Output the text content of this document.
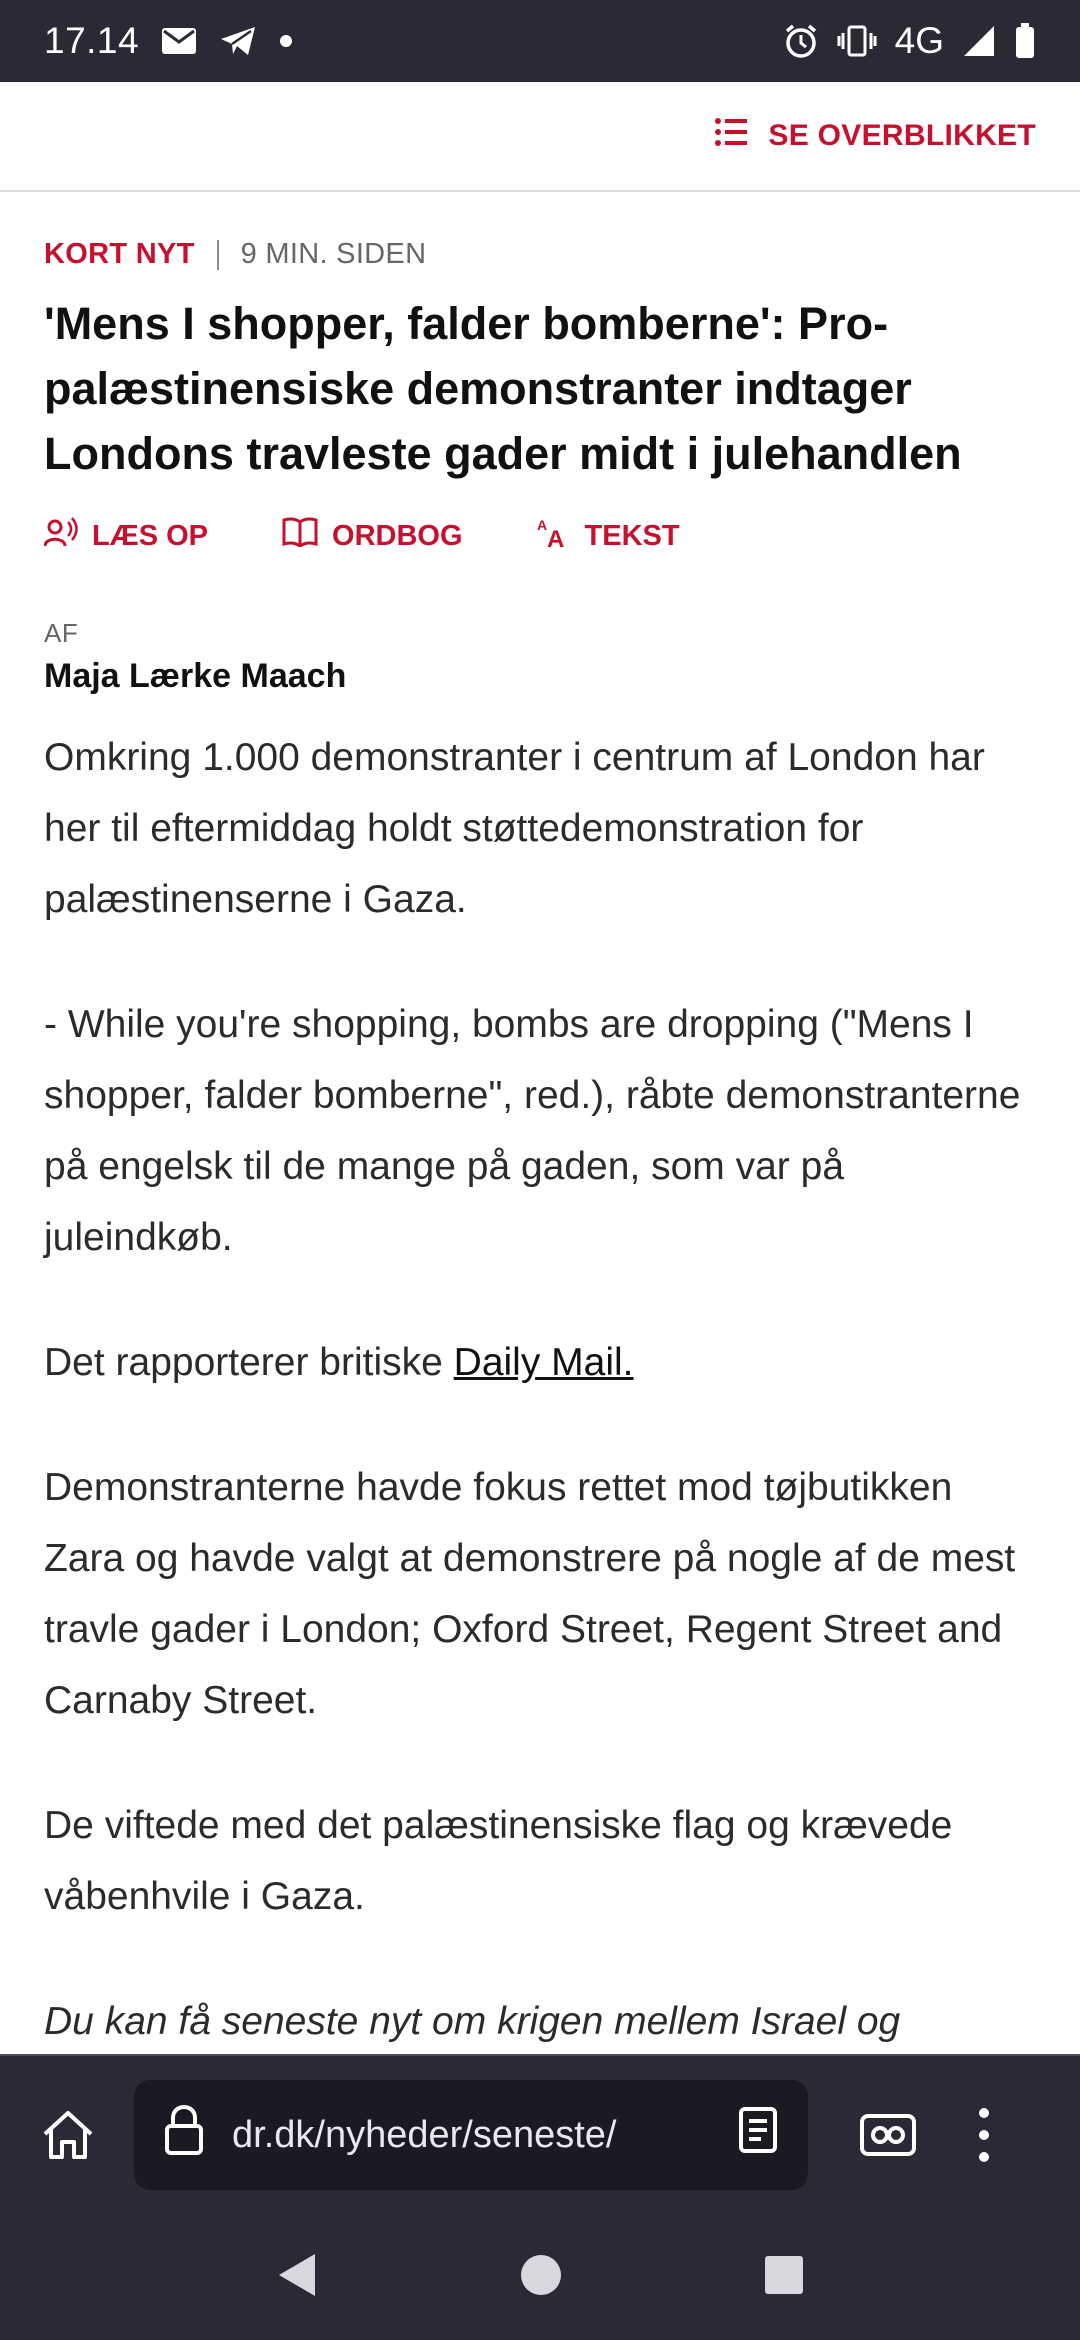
17.14	4G
SE OVERBLIKKET
KORT NYT 9 MIN. SIDEN
'Mens I shopper, falder bomberne': Pro-palæstinensiske demonstranter indtager Londons travleste gader midt i julehandlen
LÆS OP	ORDBOG	A
A TEKST
AF
Maja Lærke Maach

Omkring 1.000 demonstranter i centrum af London har her til eftermiddag holdt støttedemonstration for palæstinenserne i Gaza.

- While you're shopping, bombs are dropping ("Mens I shopper, falder bomberne", red.), råbte demonstranterne på engelsk til de mange på gaden, som var på juleindkøb.

Det rapporterer britiske Daily Mail.

Demonstranterne havde fokus rettet mod tøjbutikken Zara og havde valgt at demonstrere på nogle af de mest travle gader i London; Oxford Street, Regent Street and Carnaby Street.

De viftede med det palæstinensiske flag og krævede våbenhvile i Gaza.

Du kan få seneste nyt om krigen mellem Israel og

dr.dk/nyheder/seneste/
